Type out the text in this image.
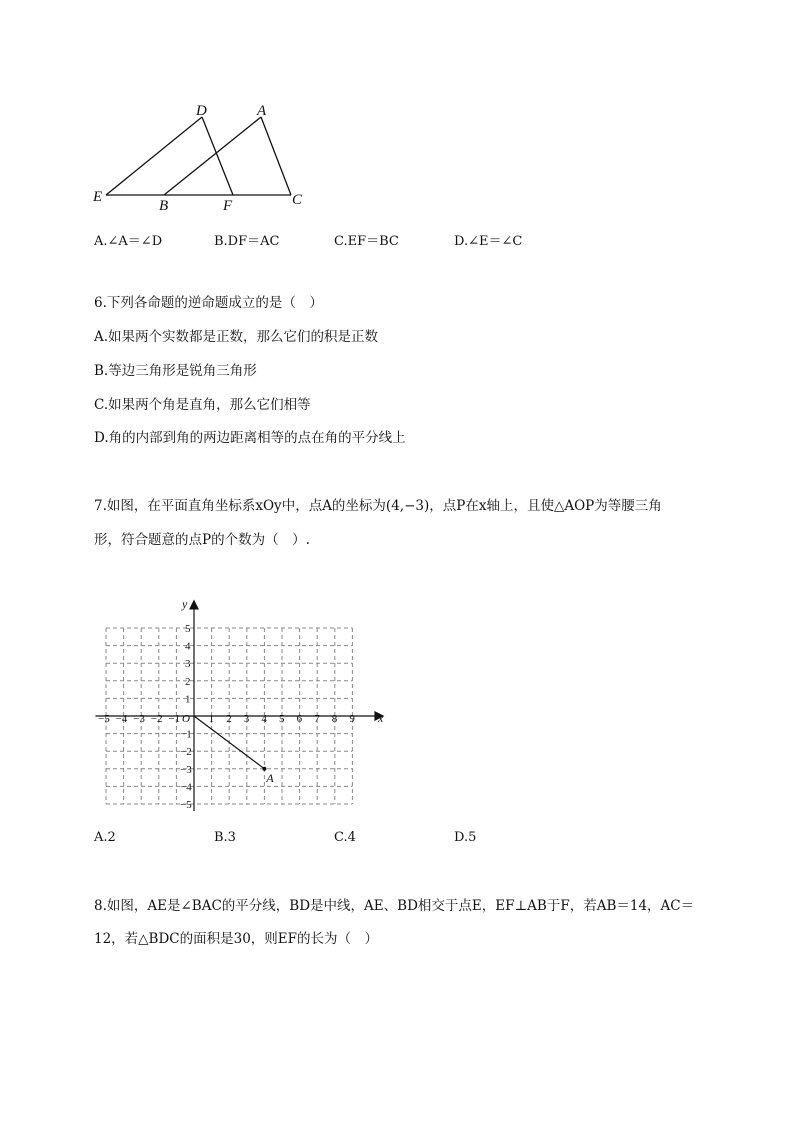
D	A
E
B	F	C
A.∠A＝∠D	B.DF＝AC	C.EF＝BC	D.∠E＝∠C
6.下列各命题的逆命题成立的是（　）
A.如果两个实数都是正数，那么它们的积是正数
B.等边三角形是锐角三角形
C.如果两个角是直角，那么它们相等
D.角的内部到角的两边距离相等的点在角的平分线上
7.如图，在平面直角坐标系xOy中，点A的坐标为(4,−3)，点P在x轴上，且使△AOP为等腰三角
形，符合题意的点P的个数为（　）.
−5 −4 −3 −2 −1	1 2 3 4 5 6 7 8 9
5
4
3
2
1
−1
−2
−3
−4
−5
y
x
O
A
A.2	B.3	C.4	D.5
8.如图，AE是∠BAC的平分线，BD是中线，AE、BD相交于点E，EF⊥AB于F，若AB＝14，AC＝
12，若△BDC的面积是30，则EF的长为（　）
